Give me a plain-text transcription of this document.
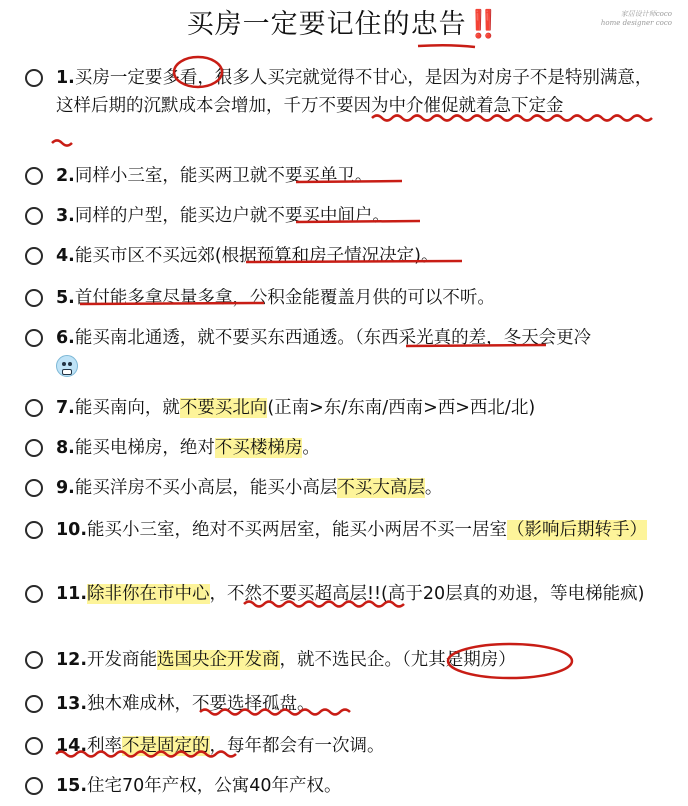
买房一定要记住的忠告‼️	家居设计师coco
home designer coco
1.买房一定要多看，很多人买完就觉得不甘心，是因为对房子不是特别满意，这样后期的沉默成本会增加，千万不要因为中介催促就着急下定金
2.同样小三室，能买两卫就不要买单卫。
3.同样的户型，能买边户就不要买中间户。
4.能买市区不买远郊(根据预算和房子情况决定)。
5.首付能多拿尽量多拿，公积金能覆盖月供的可以不听。
6.能买南北通透，就不要买东西通透。（东西采光真的差，冬天会更冷

7.能买南向，就不要买北向(正南>东/东南/西南>西>西北/北)
8.能买电梯房，绝对不买楼梯房。
9.能买洋房不买小高层，能买小高层不买大高层。
10.能买小三室，绝对不买两居室，能买小两居不买一居室（影响后期转手）
11.除非你在市中心，不然不要买超高层!!(高于20层真的劝退，等电梯能疯)
12.开发商能选国央企开发商，就不选民企。（尤其是期房）
13.独木难成林，不要选择孤盘。
14.利率不是固定的，每年都会有一次调。
15.住宅70年产权，公寓40年产权。
